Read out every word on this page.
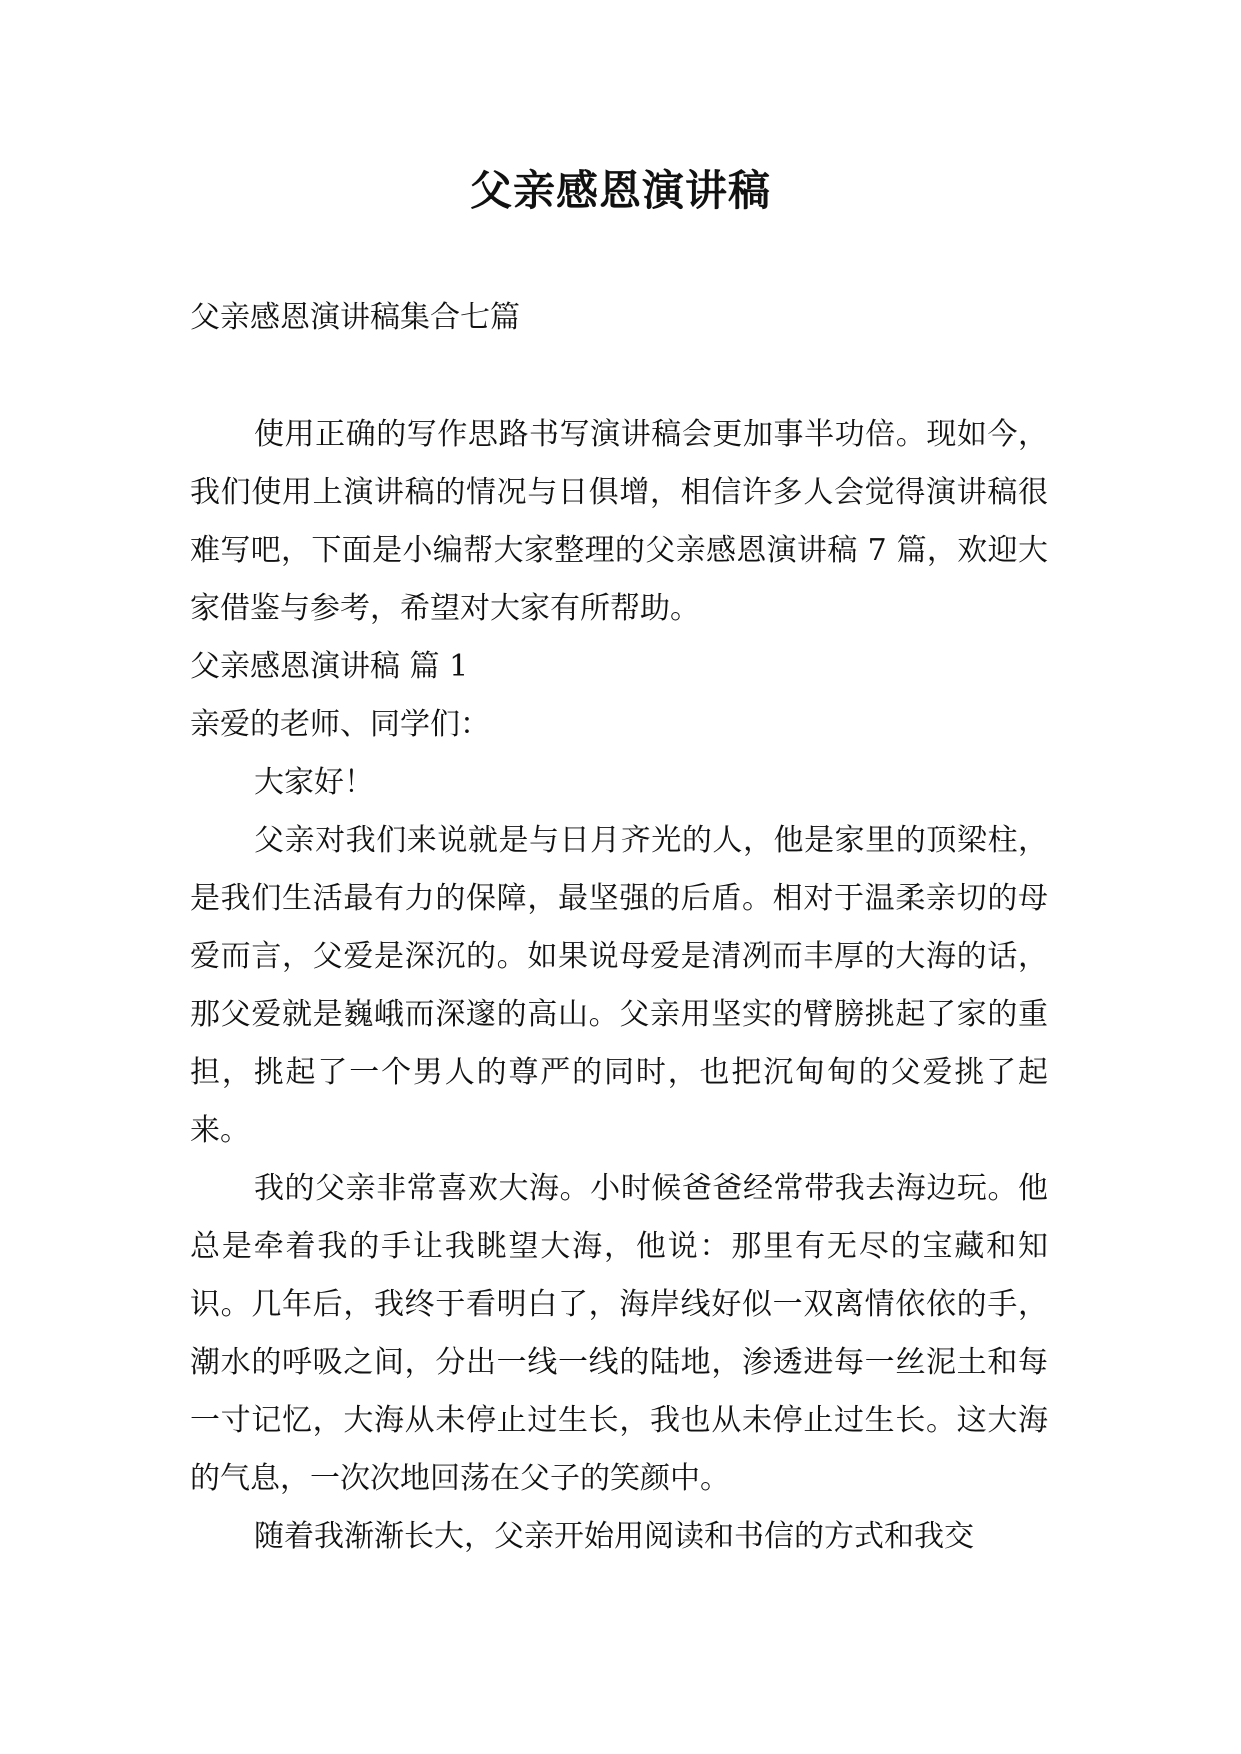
父亲感恩演讲稿

父亲感恩演讲稿集合七篇

使用正确的写作思路书写演讲稿会更加事半功倍。现如今，我们使用上演讲稿的情况与日俱增，相信许多人会觉得演讲稿很难写吧，下面是小编帮大家整理的父亲感恩演讲稿 7 篇，欢迎大家借鉴与参考，希望对大家有所帮助。

父亲感恩演讲稿 篇 1

亲爱的老师、同学们：

大家好！

父亲对我们来说就是与日月齐光的人，他是家里的顶梁柱，是我们生活最有力的保障，最坚强的后盾。相对于温柔亲切的母爱而言，父爱是深沉的。如果说母爱是清冽而丰厚的大海的话，那父爱就是巍峨而深邃的高山。父亲用坚实的臂膀挑起了家的重担，挑起了一个男人的尊严的同时，也把沉甸甸的父爱挑了起来。

我的父亲非常喜欢大海。小时候爸爸经常带我去海边玩。他总是牵着我的手让我眺望大海，他说：那里有无尽的宝藏和知识。几年后，我终于看明白了，海岸线好似一双离情依依的手，潮水的呼吸之间，分出一线一线的陆地，渗透进每一丝泥土和每一寸记忆，大海从未停止过生长，我也从未停止过生长。这大海的气息，一次次地回荡在父子的笑颜中。

随着我渐渐长大，父亲开始用阅读和书信的方式和我交
